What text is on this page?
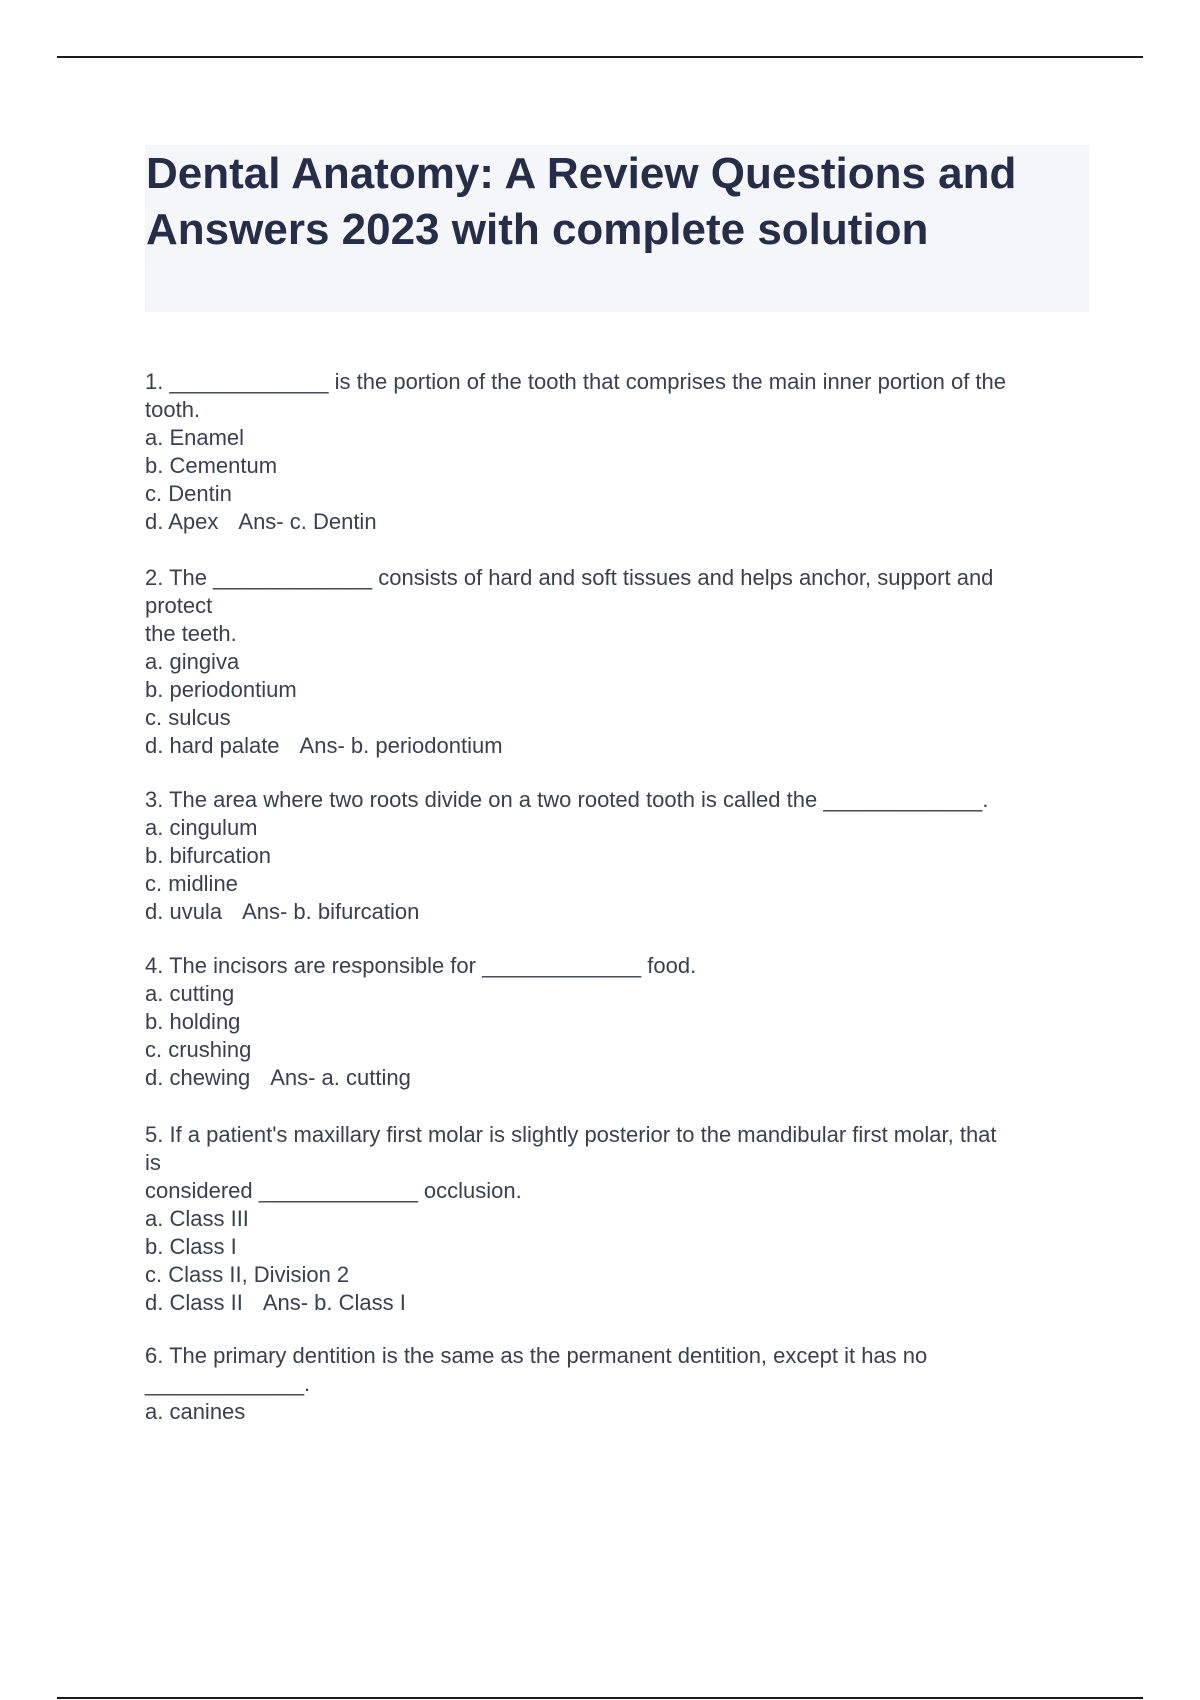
Dental Anatomy: A Review Questions and Answers 2023 with complete solution
1. _____________ is the portion of the tooth that comprises the main inner portion of the
tooth.
a. Enamel
b. Cementum
c. Dentin
d. Apex Ans- c. Dentin
2. The _____________ consists of hard and soft tissues and helps anchor, support and
protect
the teeth.
a. gingiva
b. periodontium
c. sulcus
d. hard palate Ans- b. periodontium
3. The area where two roots divide on a two rooted tooth is called the _____________.
a. cingulum
b. bifurcation
c. midline
d. uvula Ans- b. bifurcation
4. The incisors are responsible for _____________ food.
a. cutting
b. holding
c. crushing
d. chewing Ans- a. cutting
5. If a patient's maxillary first molar is slightly posterior to the mandibular first molar, that
is
considered _____________ occlusion.
a. Class III
b. Class I
c. Class II, Division 2
d. Class II Ans- b. Class I
6. The primary dentition is the same as the permanent dentition, except it has no
_____________.
a. canines
